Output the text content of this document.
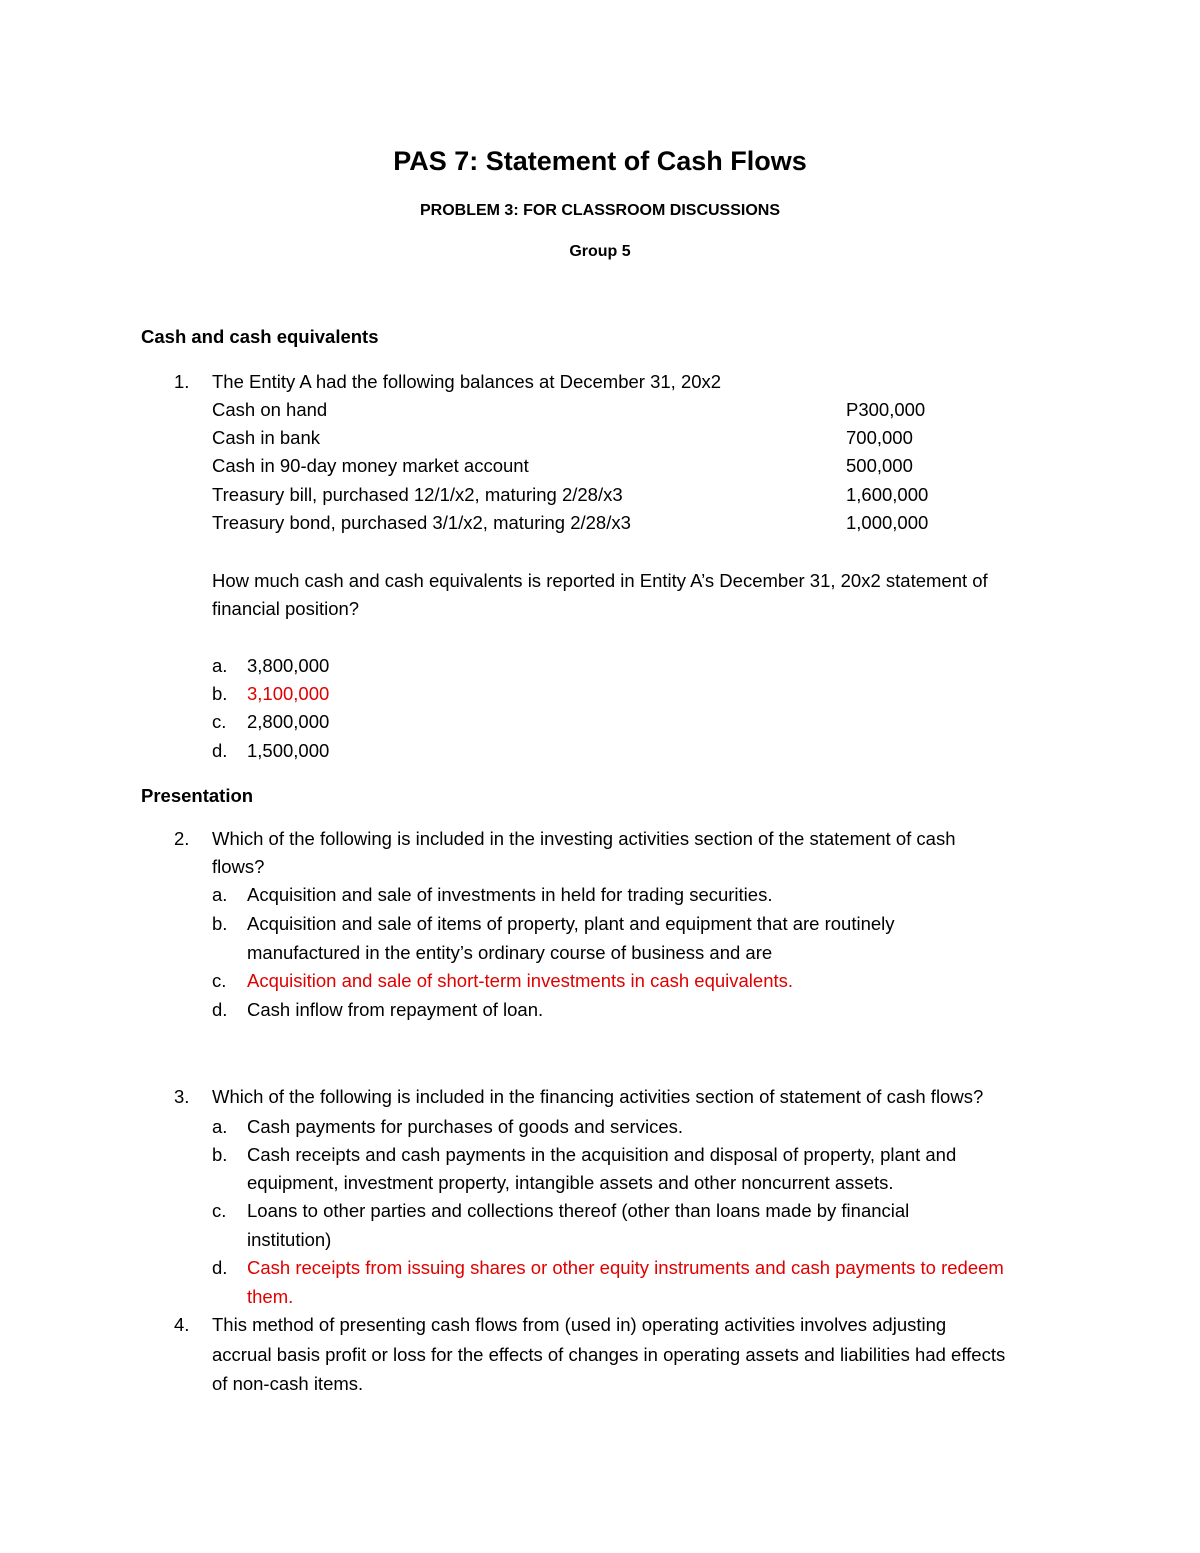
PAS 7: Statement of Cash Flows
PROBLEM 3: FOR CLASSROOM DISCUSSIONS
Group 5
Cash and cash equivalents
1. The Entity A had the following balances at December 31, 20x2
Cash on hand	P300,000
Cash in bank	700,000
Cash in 90-day money market account	500,000
Treasury bill, purchased 12/1/x2, maturing 2/28/x3	1,600,000
Treasury bond, purchased 3/1/x2, maturing 2/28/x3	1,000,000
How much cash and cash equivalents is reported in Entity A’s December 31, 20x2 statement of
financial position?
a. 3,800,000
b. 3,100,000
c. 2,800,000
d. 1,500,000
Presentation
2. Which of the following is included in the investing activities section of the statement of cash
flows?
a. Acquisition and sale of investments in held for trading securities.
b. Acquisition and sale of items of property, plant and equipment that are routinely
manufactured in the entity’s ordinary course of business and are
c. Acquisition and sale of short-term investments in cash equivalents.
d. Cash inflow from repayment of loan.
3. Which of the following is included in the financing activities section of statement of cash flows?
a. Cash payments for purchases of goods and services.
b. Cash receipts and cash payments in the acquisition and disposal of property, plant and
equipment, investment property, intangible assets and other noncurrent assets.
c. Loans to other parties and collections thereof (other than loans made by financial
institution)
d. Cash receipts from issuing shares or other equity instruments and cash payments to redeem
them.
4. This method of presenting cash flows from (used in) operating activities involves adjusting
accrual basis profit or loss for the effects of changes in operating assets and liabilities had effects
of non-cash items.
